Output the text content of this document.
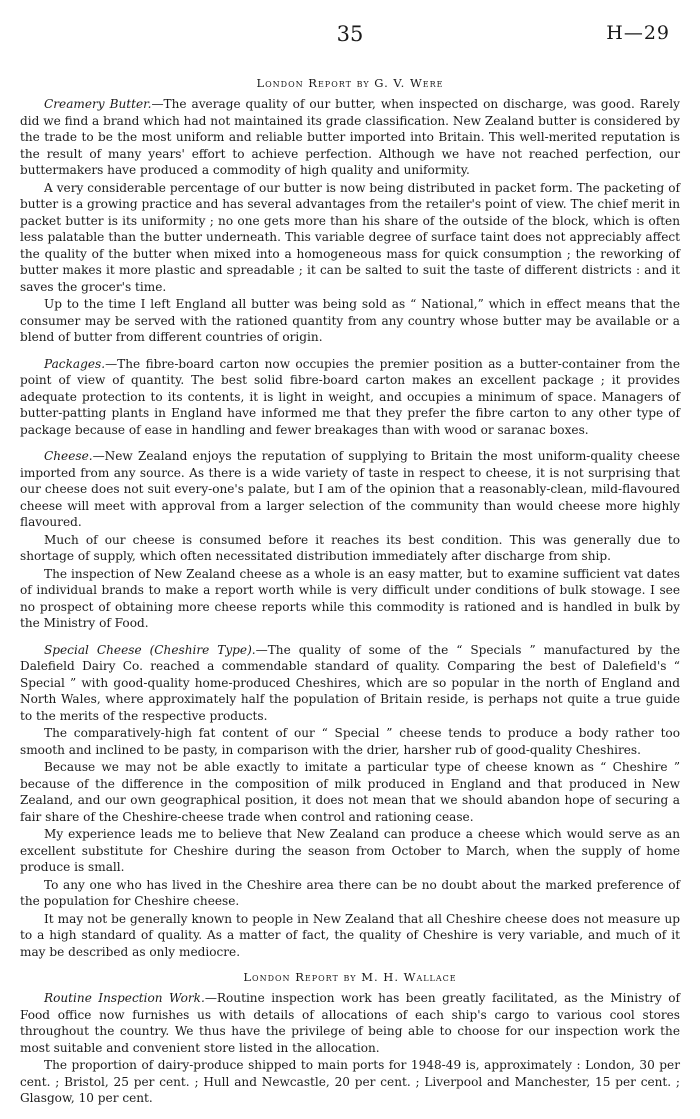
35	H—29
London Report by G. V. Were

Creamery Butter.—The average quality of our butter, when inspected on discharge, was good. Rarely did we find a brand which had not maintained its grade classification. New Zealand butter is considered by the trade to be the most uniform and reliable butter imported into Britain. This well-merited reputation is the result of many years' effort to achieve perfection. Although we have not reached perfection, our buttermakers have produced a commodity of high quality and uniformity.

A very considerable percentage of our butter is now being distributed in packet form. The packeting of butter is a growing practice and has several advantages from the retailer's point of view. The chief merit in packet butter is its uniformity ; no one gets more than his share of the outside of the block, which is often less palatable than the butter underneath. This variable degree of surface taint does not appreciably affect the quality of the butter when mixed into a homogeneous mass for quick consumption ; the reworking of butter makes it more plastic and spreadable ; it can be salted to suit the taste of different districts : and it saves the grocer's time.

Up to the time I left England all butter was being sold as “ National,” which in effect means that the consumer may be served with the rationed quantity from any country whose butter may be available or a blend of butter from different countries of origin.

Packages.—The fibre-board carton now occupies the premier position as a butter-container from the point of view of quantity. The best solid fibre-board carton makes an excellent package ; it provides adequate protection to its contents, it is light in weight, and occupies a minimum of space. Managers of butter-patting plants in England have informed me that they prefer the fibre carton to any other type of package because of ease in handling and fewer breakages than with wood or saranac boxes.

Cheese.—New Zealand enjoys the reputation of supplying to Britain the most uniform-quality cheese imported from any source. As there is a wide variety of taste in respect to cheese, it is not surprising that our cheese does not suit every-one's palate, but I am of the opinion that a reasonably-clean, mild-flavoured cheese will meet with approval from a larger selection of the community than would cheese more highly flavoured.

Much of our cheese is consumed before it reaches its best condition. This was generally due to shortage of supply, which often necessitated distribution immediately after discharge from ship.

The inspection of New Zealand cheese as a whole is an easy matter, but to examine sufficient vat dates of individual brands to make a report worth while is very difficult under conditions of bulk stowage. I see no prospect of obtaining more cheese reports while this commodity is rationed and is handled in bulk by the Ministry of Food.

Special Cheese (Cheshire Type).—The quality of some of the “ Specials ” manufactured by the Dalefield Dairy Co. reached a commendable standard of quality. Comparing the best of Dalefield's “ Special ” with good-quality home-produced Cheshires, which are so popular in the north of England and North Wales, where approximately half the population of Britain reside, is perhaps not quite a true guide to the merits of the respective products.

The comparatively-high fat content of our “ Special ” cheese tends to produce a body rather too smooth and inclined to be pasty, in comparison with the drier, harsher rub of good-quality Cheshires.

Because we may not be able exactly to imitate a particular type of cheese known as “ Cheshire ” because of the difference in the composition of milk produced in England and that produced in New Zealand, and our own geographical position, it does not mean that we should abandon hope of securing a fair share of the Cheshire-cheese trade when control and rationing cease.

My experience leads me to believe that New Zealand can produce a cheese which would serve as an excellent substitute for Cheshire during the season from October to March, when the supply of home produce is small.

To any one who has lived in the Cheshire area there can be no doubt about the marked preference of the population for Cheshire cheese.

It may not be generally known to people in New Zealand that all Cheshire cheese does not measure up to a high standard of quality. As a matter of fact, the quality of Cheshire is very variable, and much of it may be described as only mediocre.

London Report by M. H. Wallace

Routine Inspection Work.—Routine inspection work has been greatly facilitated, as the Ministry of Food office now furnishes us with details of allocations of each ship's cargo to various cool stores throughout the country. We thus have the privilege of being able to choose for our inspection work the most suitable and convenient store listed in the allocation.

The proportion of dairy-produce shipped to main ports for 1948-49 is, approximately : London, 30 per cent. ; Bristol, 25 per cent. ; Hull and Newcastle, 20 per cent. ; Liverpool and Manchester, 15 per cent. ; Glasgow, 10 per cent.
